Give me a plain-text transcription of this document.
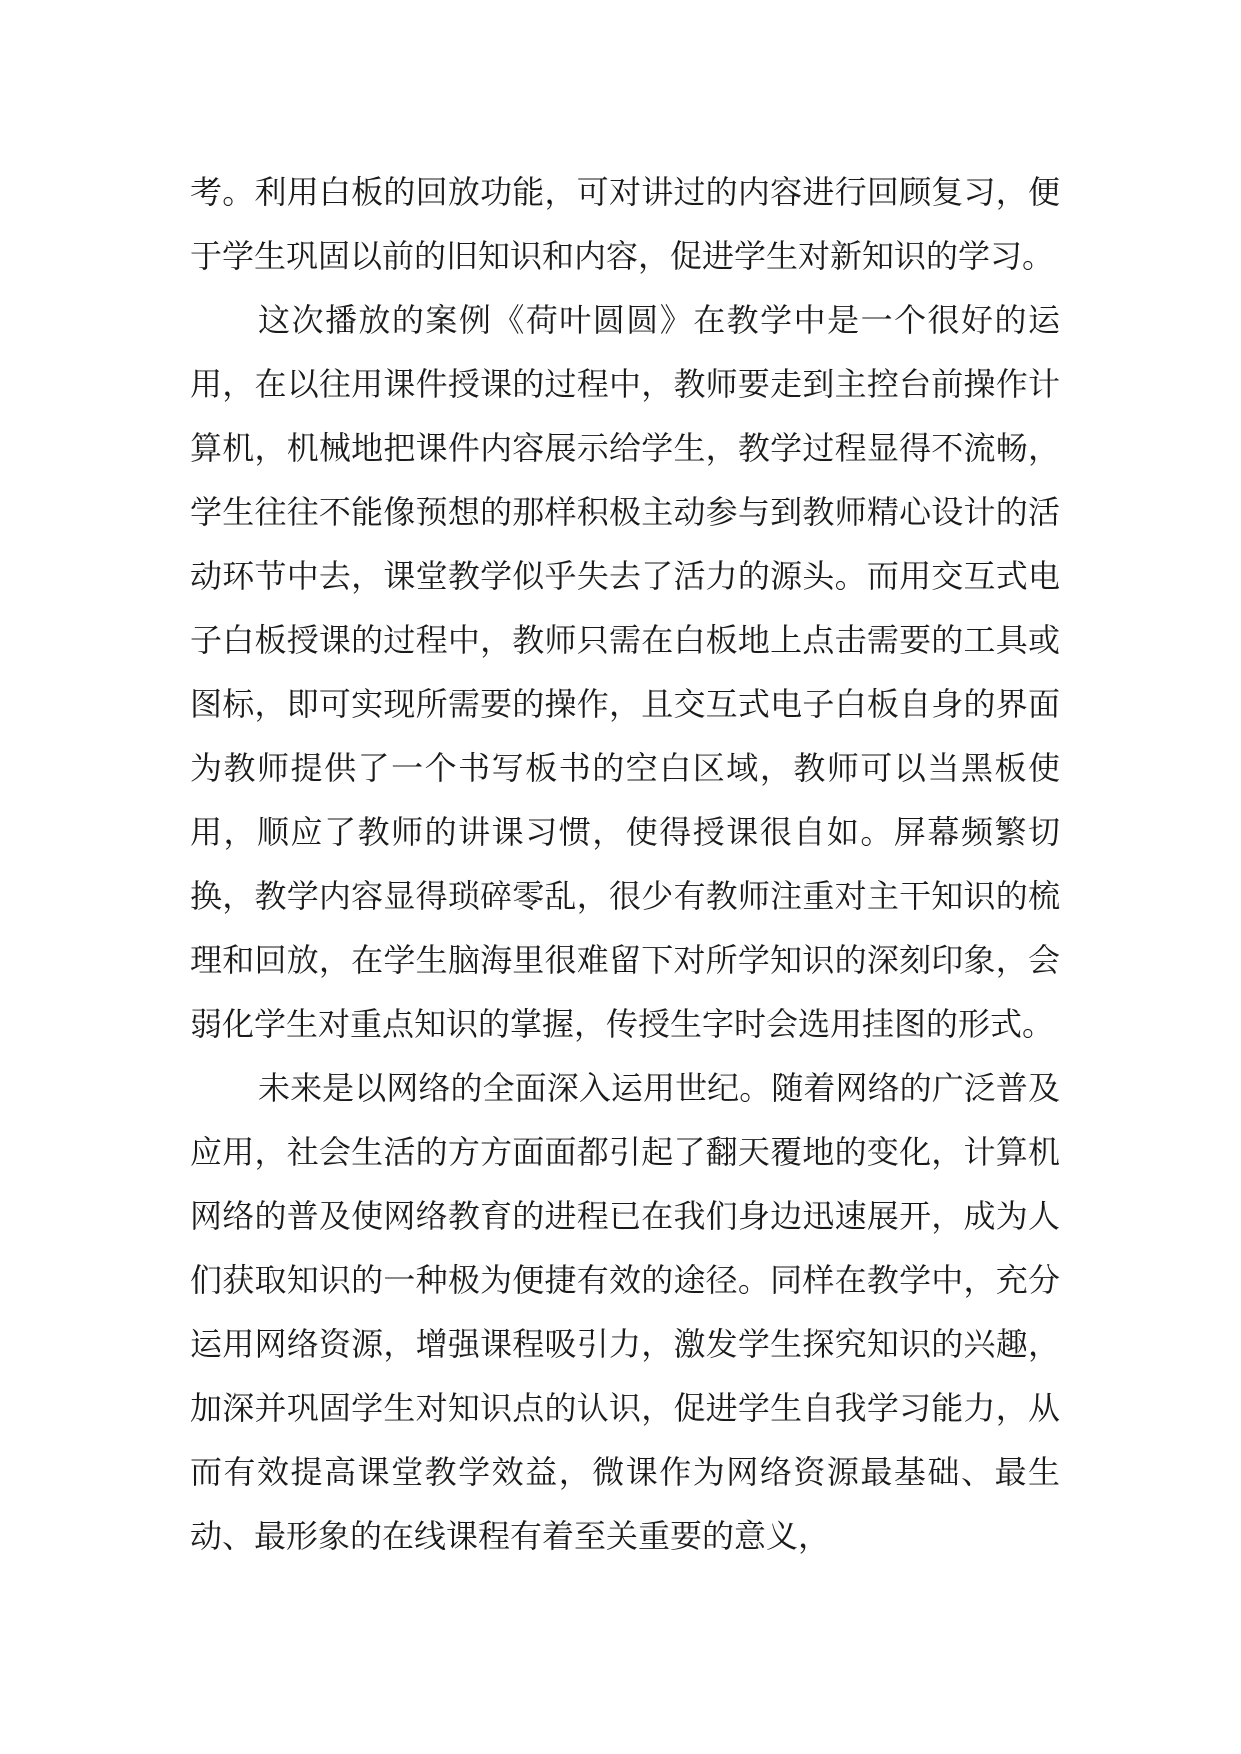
考。利用白板的回放功能，可对讲过的内容进行回顾复习，便于学生巩固以前的旧知识和内容，促进学生对新知识的学习。

这次播放的案例《荷叶圆圆》在教学中是一个很好的运用，在以往用课件授课的过程中，教师要走到主控台前操作计算机，机械地把课件内容展示给学生，教学过程显得不流畅，学生往往不能像预想的那样积极主动参与到教师精心设计的活动环节中去，课堂教学似乎失去了活力的源头。而用交互式电子白板授课的过程中，教师只需在白板地上点击需要的工具或图标，即可实现所需要的操作，且交互式电子白板自身的界面为教师提供了一个书写板书的空白区域，教师可以当黑板使用，顺应了教师的讲课习惯，使得授课很自如。屏幕频繁切换，教学内容显得琐碎零乱，很少有教师注重对主干知识的梳理和回放，在学生脑海里很难留下对所学知识的深刻印象，会弱化学生对重点知识的掌握，传授生字时会选用挂图的形式。

未来是以网络的全面深入运用世纪。随着网络的广泛普及应用，社会生活的方方面面都引起了翻天覆地的变化，计算机网络的普及使网络教育的进程已在我们身边迅速展开，成为人们获取知识的一种极为便捷有效的途径。同样在教学中，充分运用网络资源，增强课程吸引力，激发学生探究知识的兴趣，加深并巩固学生对知识点的认识，促进学生自我学习能力，从而有效提高课堂教学效益，微课作为网络资源最基础、最生动、最形象的在线课程有着至关重要的意义，
